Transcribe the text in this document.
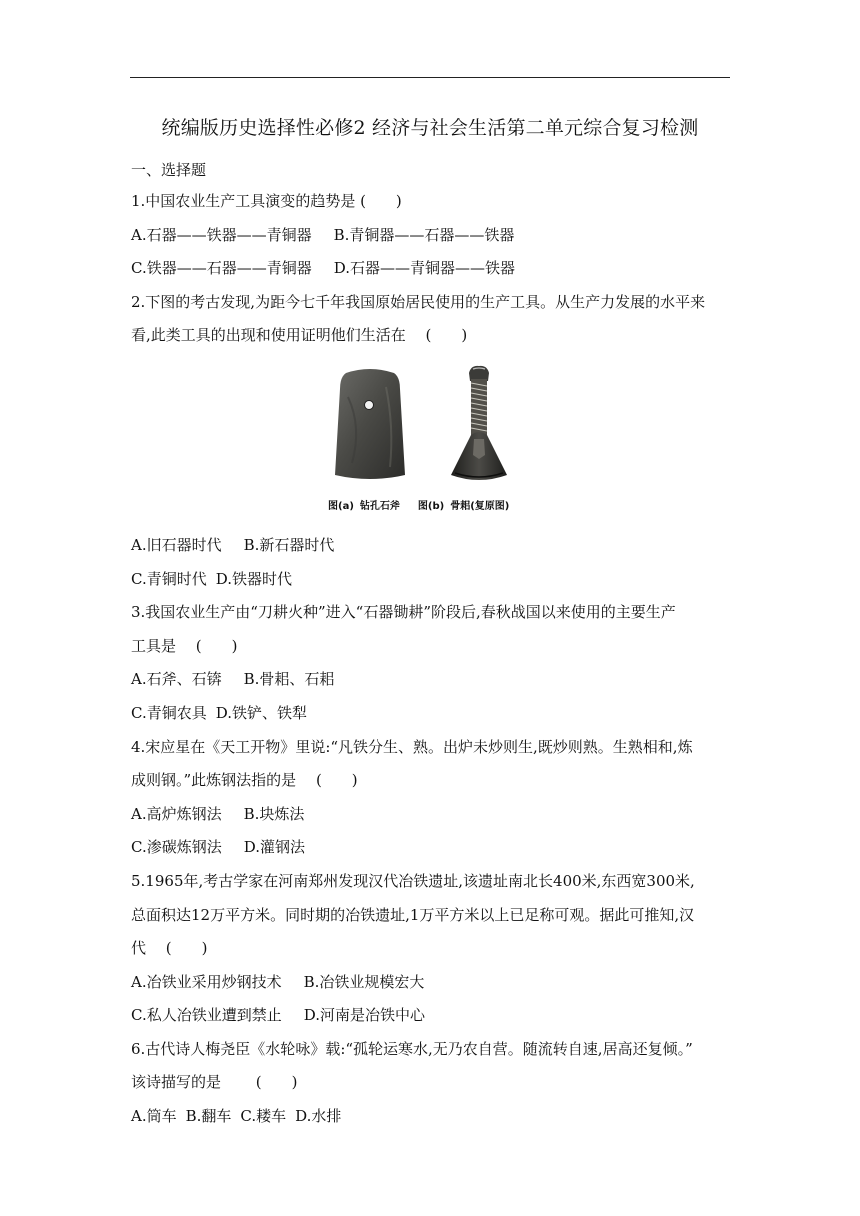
统编版历史选择性必修2 经济与社会生活第二单元综合复习检测
一、选择题
1.中国农业生产工具演变的趋势是 (　　)
A.石器——铁器——青铜器 B.青铜器——石器——铁器
C.铁器——石器——青铜器 D.石器——青铜器——铁器
2.下图的考古发现,为距今七千年我国原始居民使用的生产工具。从生产力发展的水平来
看,此类工具的出现和使用证明他们生活在 　(　　)
图(a) 钻孔石斧 图(b) 骨耜(复原图)
A.旧石器时代 B.新石器时代
C.青铜时代 D.铁器时代
3.我国农业生产由“刀耕火种”进入“石器锄耕”阶段后,春秋战国以来使用的主要生产
工具是 　(　　)
A.石斧、石锛 B.骨耜、石耜
C.青铜农具 D.铁铲、铁犁
4.宋应星在《天工开物》里说:“凡铁分生、熟。出炉未炒则生,既炒则熟。生熟相和,炼
成则钢。”此炼钢法指的是 　(　　)
A.高炉炼钢法 B.块炼法
C.渗碳炼钢法 D.灌钢法
5.1965年,考古学家在河南郑州发现汉代冶铁遗址,该遗址南北长400米,东西宽300米,
总面积达12万平方米。同时期的冶铁遗址,1万平方米以上已足称可观。据此可推知,汉
代 　(　　)
A.冶铁业采用炒钢技术 B.冶铁业规模宏大
C.私人冶铁业遭到禁止 D.河南是冶铁中心
6.古代诗人梅尧臣《水轮咏》载:“孤轮运寒水,无乃农自营。随流转自速,居高还复倾。”
该诗描写的是 　　(　　)
A.筒车 B.翻车 C.耧车 D.水排
